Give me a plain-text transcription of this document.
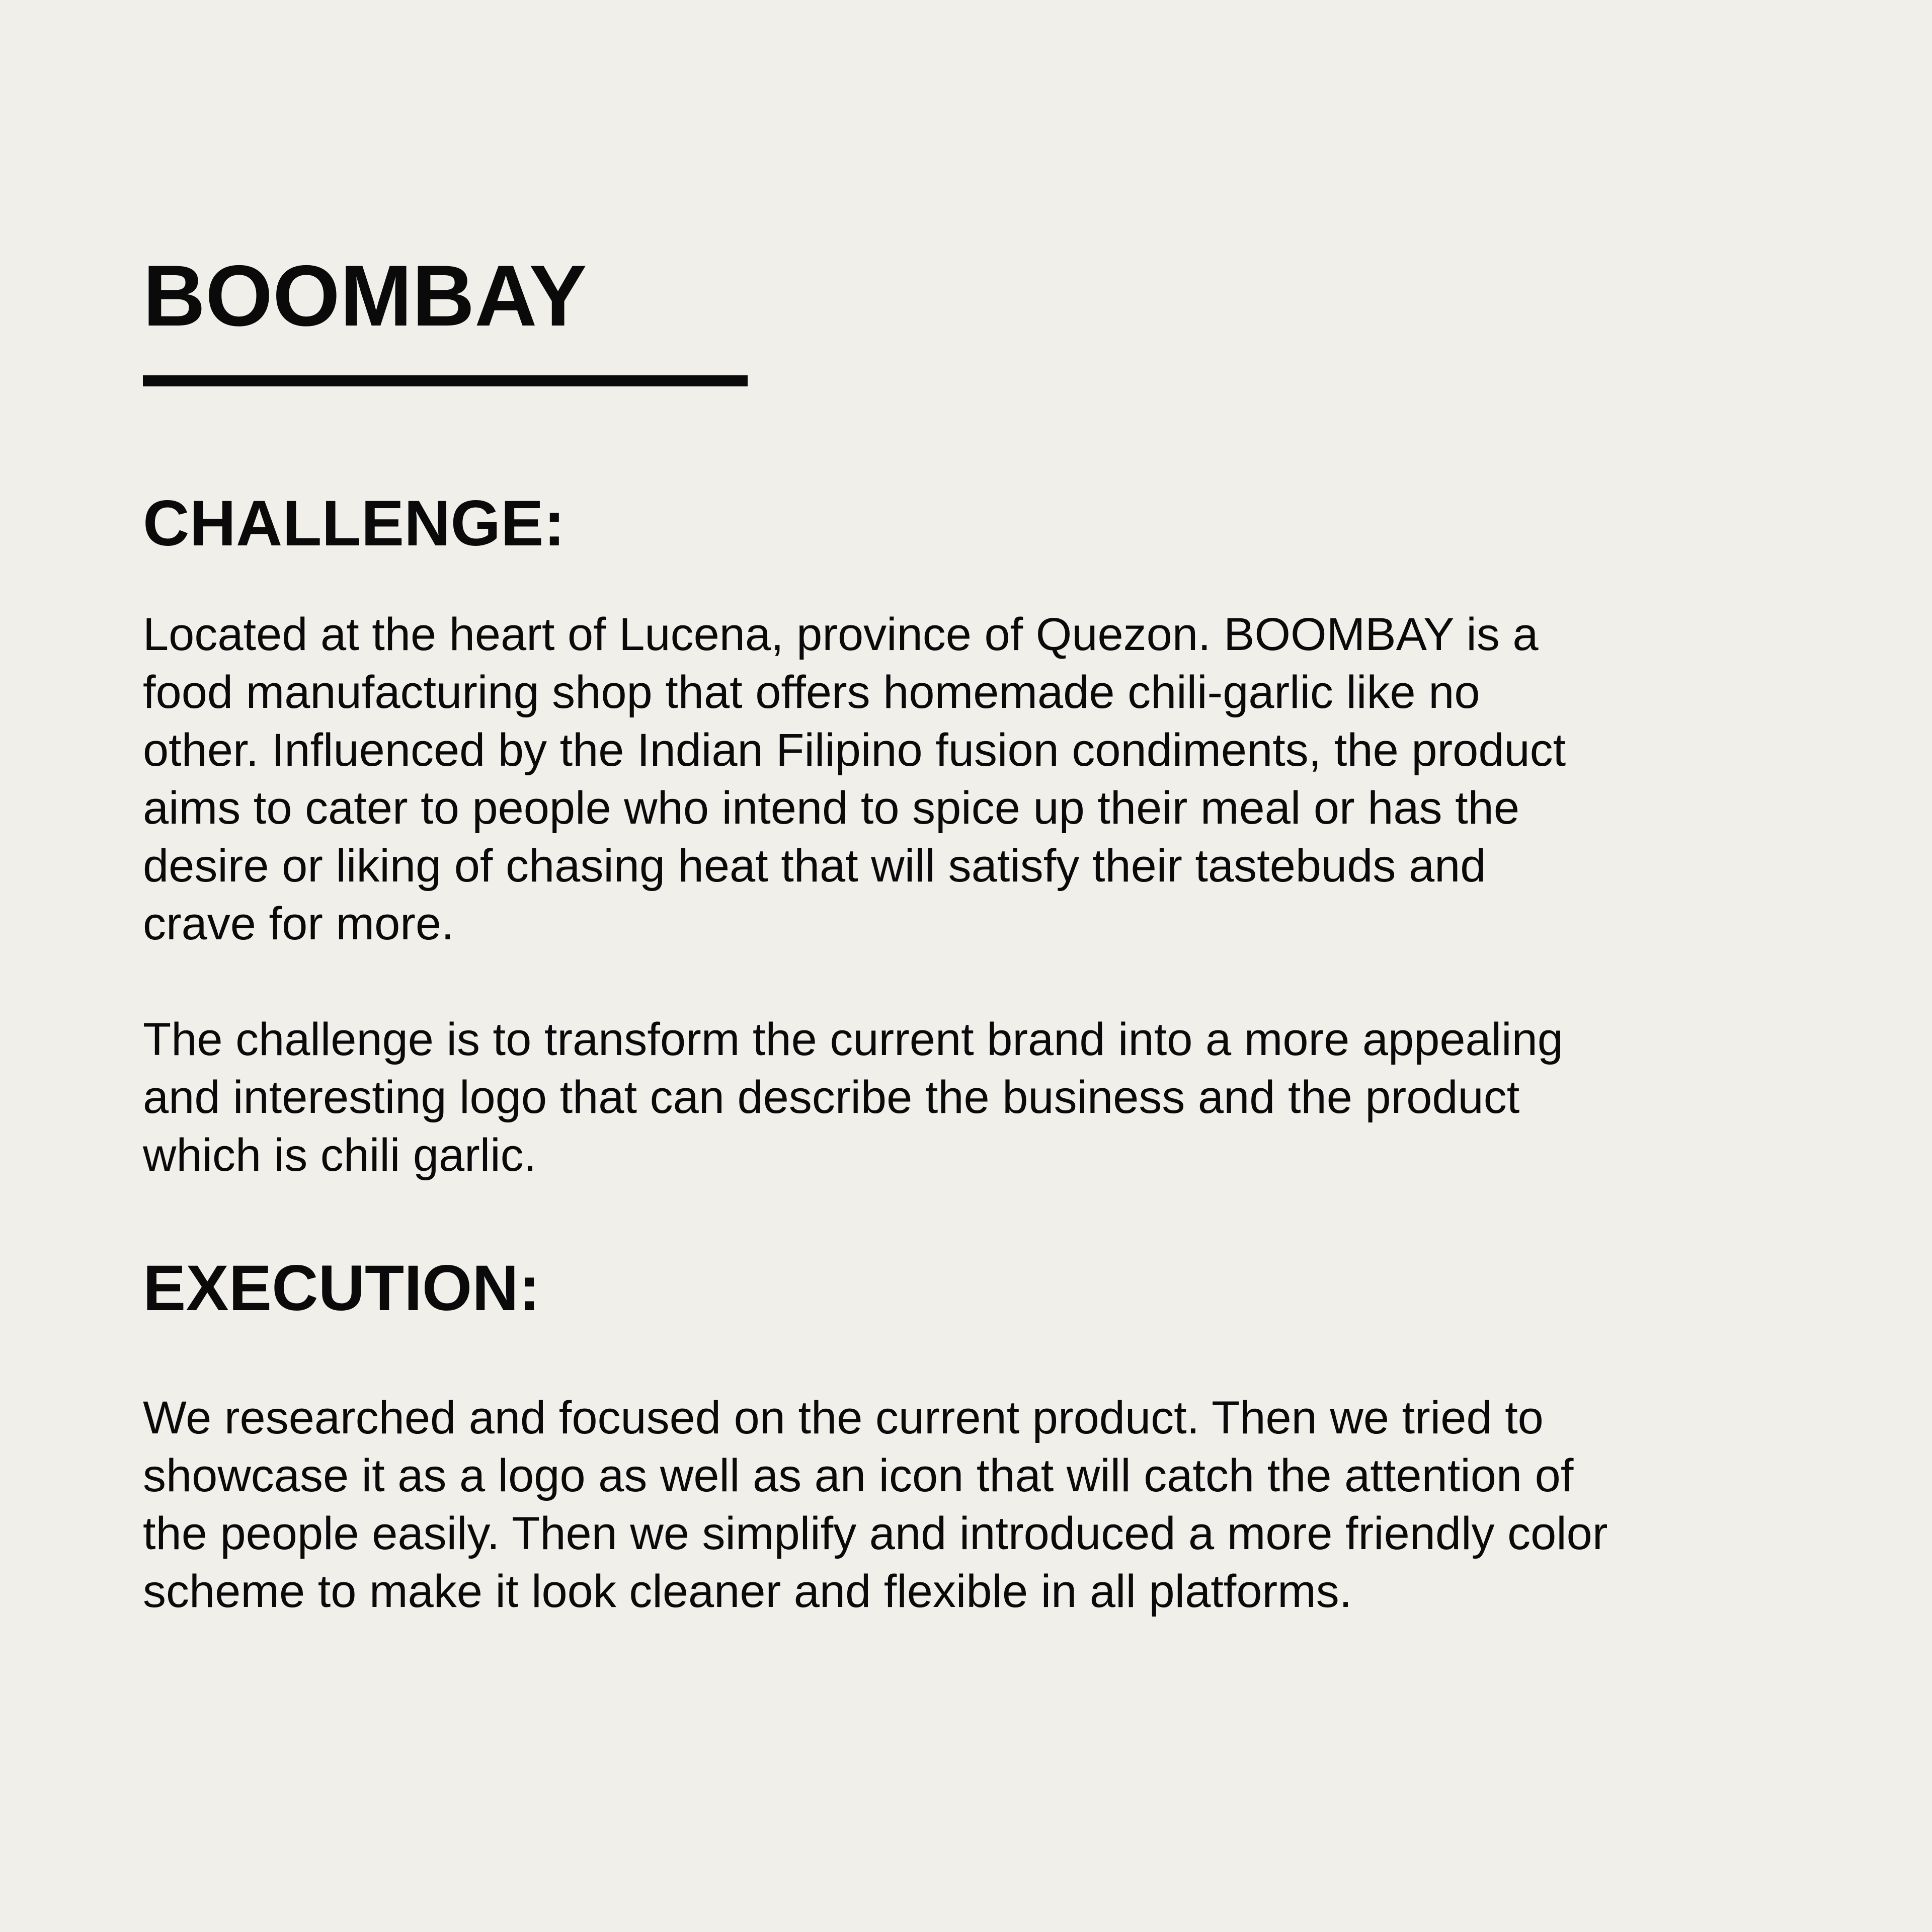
BOOMBAY
CHALLENGE:

Located at the heart of Lucena, province of Quezon. BOOMBAY is a
food manufacturing shop that offers homemade chili-garlic like no
other. Influenced by the Indian Filipino fusion condiments, the product
aims to cater to people who intend to spice up their meal or has the
desire or liking of chasing heat that will satisfy their tastebuds and
crave for more.

The challenge is to transform the current brand into a more appealing
and interesting logo that can describe the business and the product
which is chili garlic.

EXECUTION:

We researched and focused on the current product. Then we tried to
showcase it as a logo as well as an icon that will catch the attention of
the people easily. Then we simplify and introduced a more friendly color
scheme to make it look cleaner and flexible in all platforms.
